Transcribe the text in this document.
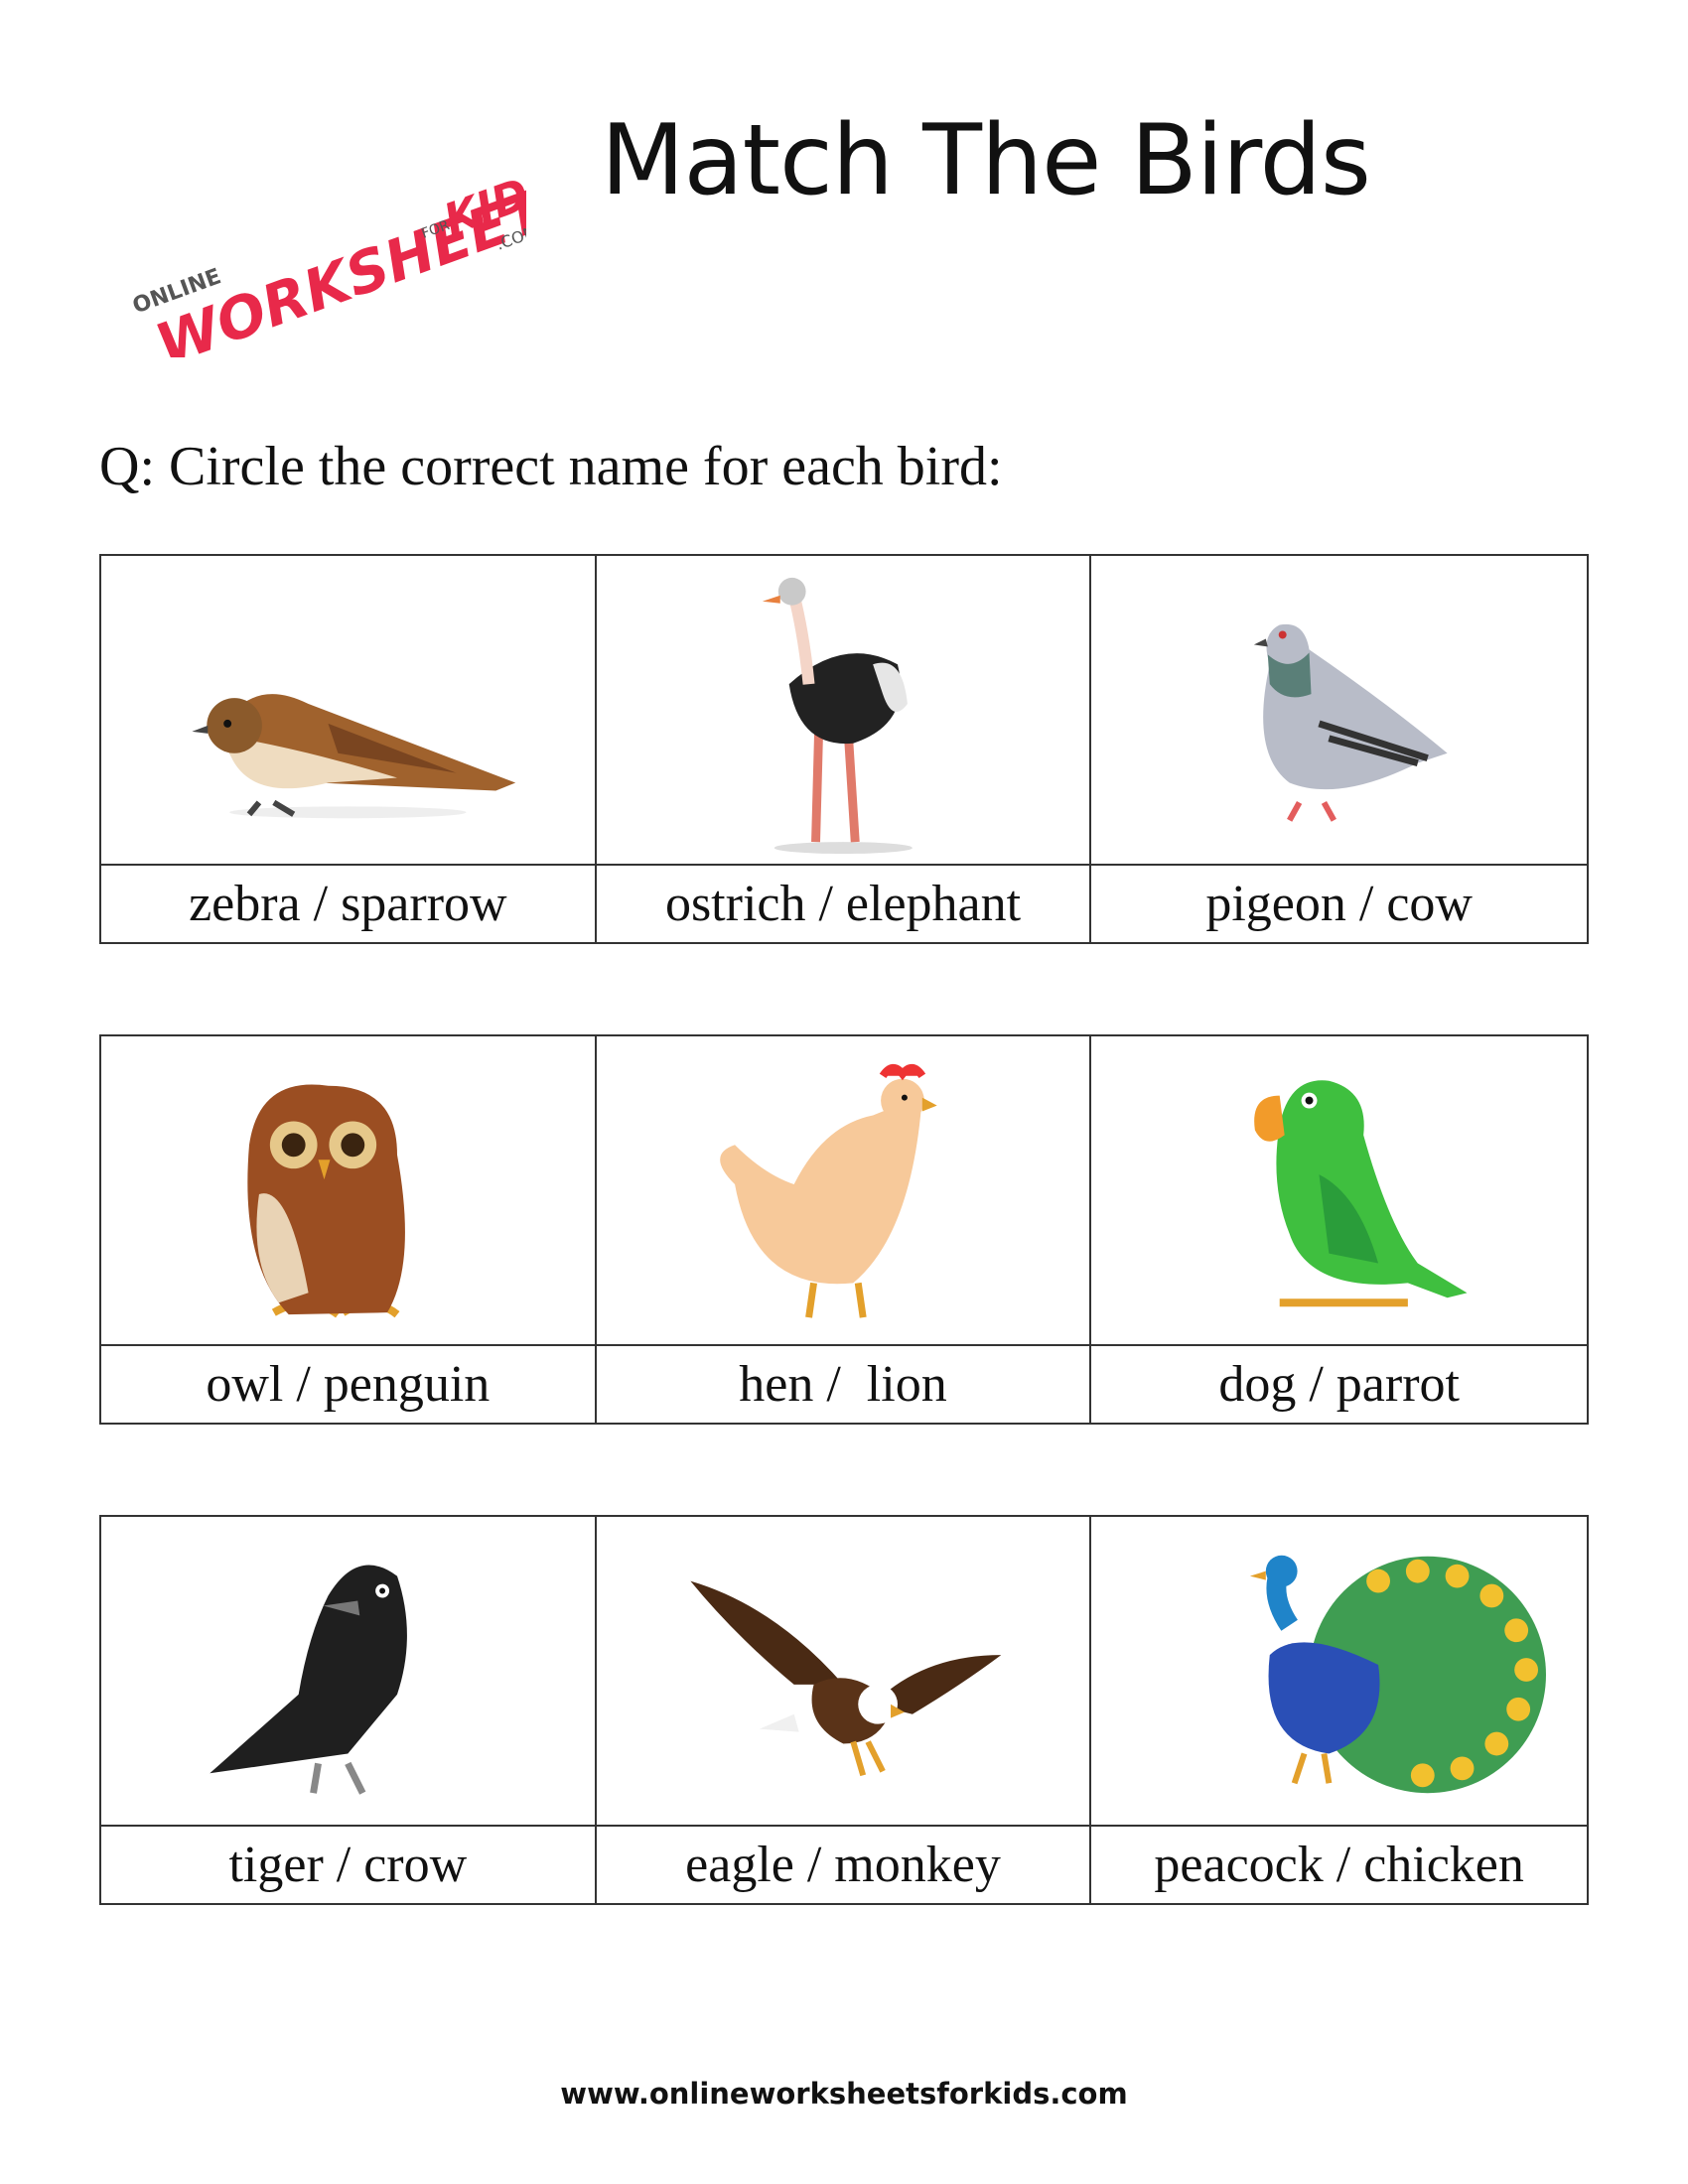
ONLINE
WORKSHEETS
FOR
KIDS
.COM
Match The Birds
Q: Circle the correct name for each bird:
zebra / sparrow	ostrich / elephant	pigeon / cow
owl / penguin	hen /  lion	dog / parrot
tiger / crow	eagle / monkey	peacock / chicken
www.onlineworksheetsforkids.com
